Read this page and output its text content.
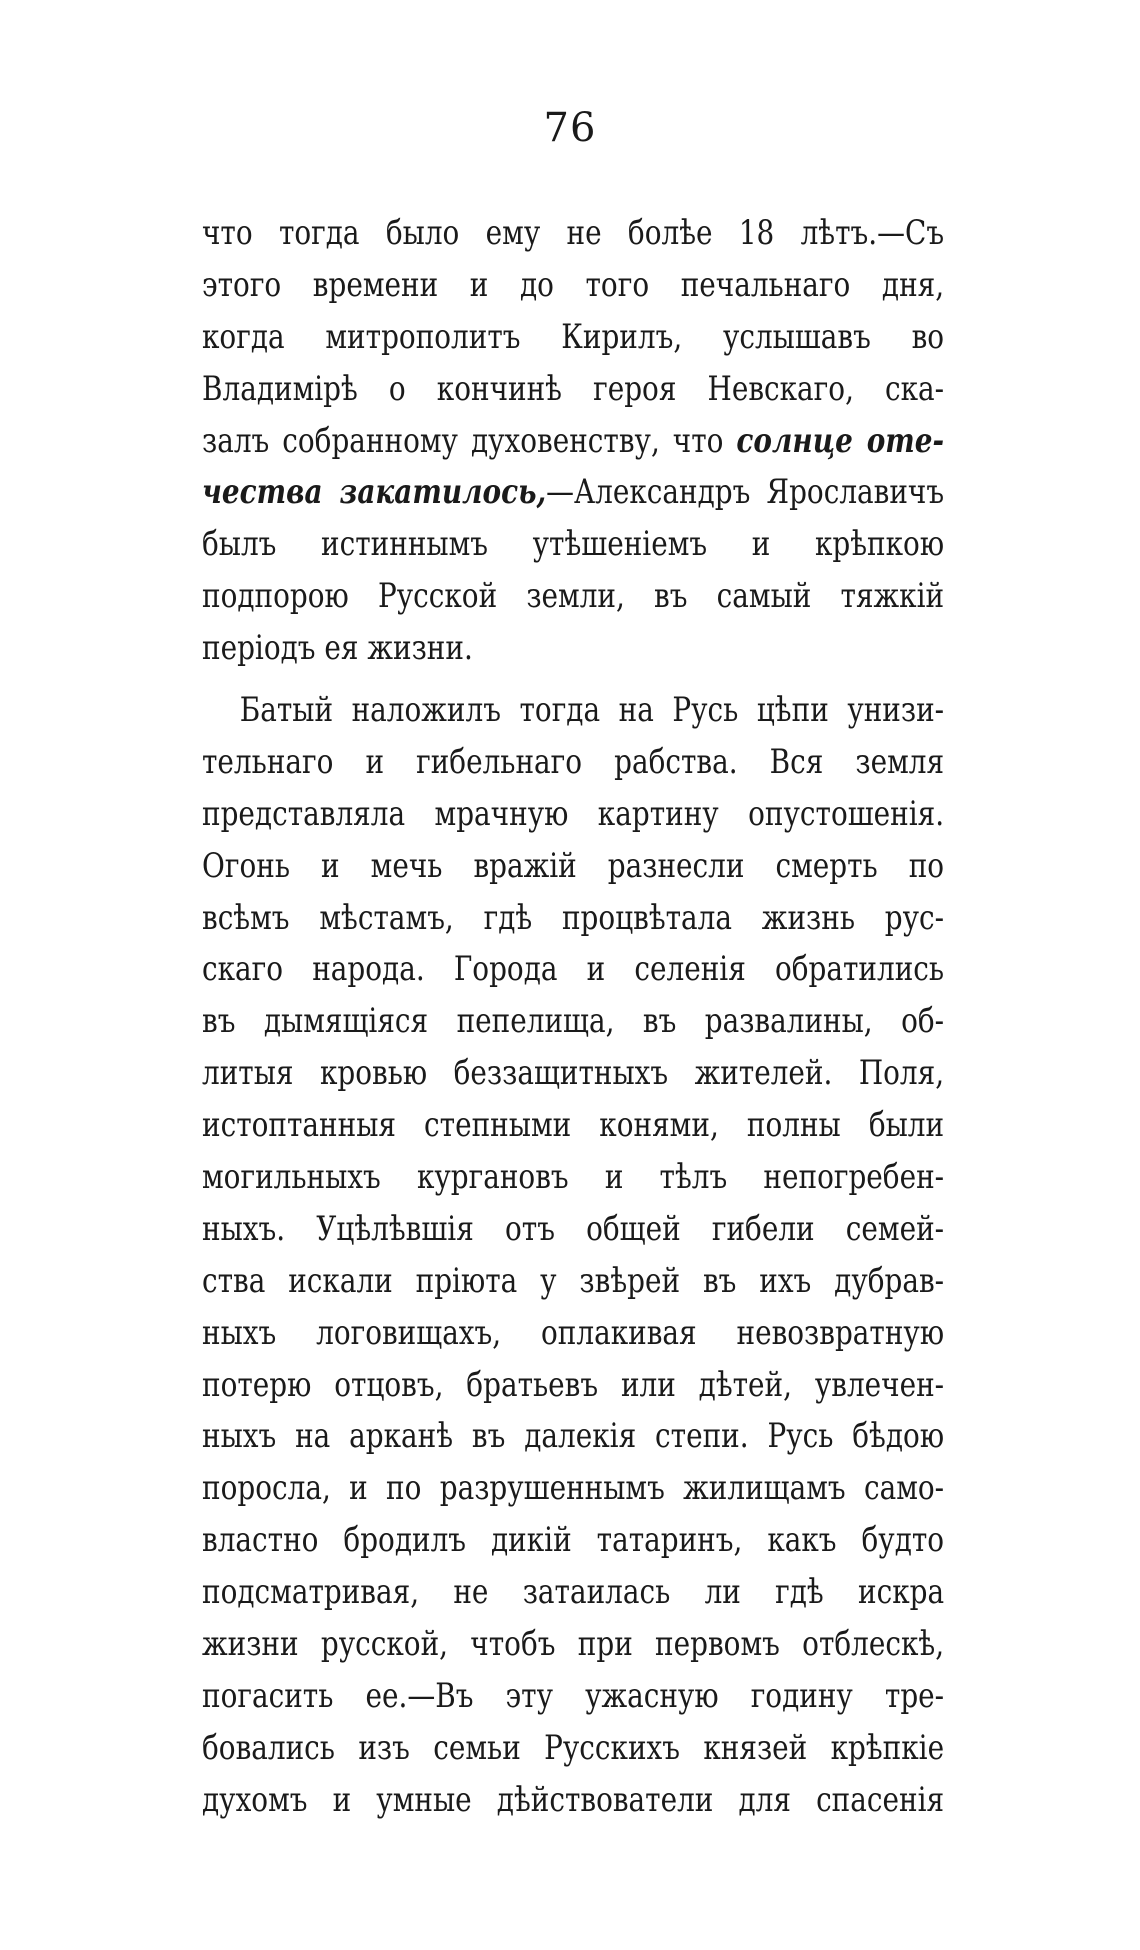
76
что тогда было ему не болѣе 18 лѣтъ.—Съ
этого времени и до того печальнаго дня,
когда митрополитъ Кирилъ, услышавъ во
Владимірѣ о кончинѣ героя Невскаго, ска-
залъ собранному духовенству, что солнце оте-
чества закатилось,—Александръ Ярославичъ
былъ истиннымъ утѣшеніемъ и крѣпкою
подпорою Русской земли, въ самый тяжкій
періодъ ея жизни.
Батый наложилъ тогда на Русь цѣпи унизи-
тельнаго и гибельнаго рабства. Вся земля
представляла мрачную картину опустошенія.
Огонь и мечь вражій разнесли смерть по
всѣмъ мѣстамъ, гдѣ процвѣтала жизнь рус-
скаго народа. Города и селенія обратились
въ дымящіяся пепелища, въ развалины, об-
литыя кровью беззащитныхъ жителей. Поля,
истоптанныя степными конями, полны были
могильныхъ кургановъ и тѣлъ непогребен-
ныхъ. Уцѣлѣвшія отъ общей гибели семей-
ства искали пріюта у звѣрей въ ихъ дубрав-
ныхъ логовищахъ, оплакивая невозвратную
потерю отцовъ, братьевъ или дѣтей, увлечен-
ныхъ на арканѣ въ далекія степи. Русь бѣдою
поросла, и по разрушеннымъ жилищамъ само-
властно бродилъ дикій татаринъ, какъ будто
подсматривая, не затаилась ли гдѣ искра
жизни русской, чтобъ при первомъ отблескѣ,
погасить ее.—Въ эту ужасную годину тре-
бовались изъ семьи Русскихъ князей крѣпкіе
духомъ и умные дѣйствователи для спасенія
